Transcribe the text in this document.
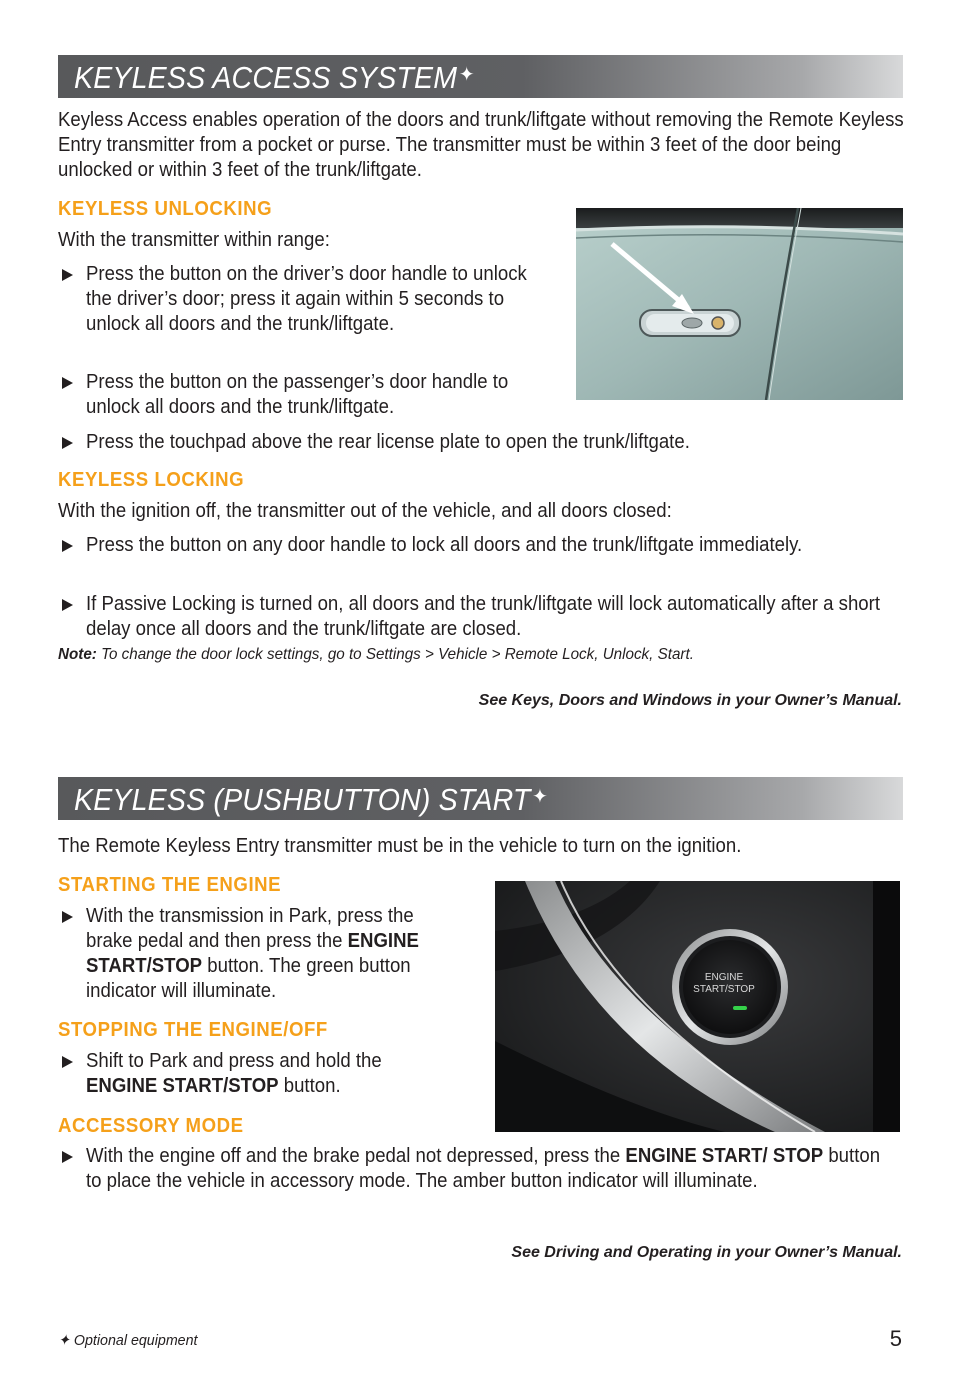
KEYLESS ACCESS SYSTEM✦
Keyless Access enables operation of the doors and trunk/liftgate without removing the Remote Keyless Entry transmitter from a pocket or purse. The transmitter must be within 3 feet of the door being unlocked or within 3 feet of the trunk/liftgate.
KEYLESS UNLOCKING
With the transmitter within range:
Press the button on the driver’s door handle to unlock the driver’s door; press it again within 5 seconds to unlock all doors and the trunk/liftgate.
Press the button on the passenger’s door handle to unlock all doors and the trunk/liftgate.
Press the touchpad above the rear license plate to open the trunk/liftgate.
KEYLESS LOCKING
With the ignition off, the transmitter out of the vehicle, and all doors closed:
Press the button on any door handle to lock all doors and the trunk/liftgate immediately.
If Passive Locking is turned on, all doors and the trunk/liftgate will lock automatically after a short delay once all doors and the trunk/liftgate are closed.
Note: To change the door lock settings, go to Settings > Vehicle > Remote Lock, Unlock, Start.
See Keys, Doors and Windows in your Owner’s Manual.
KEYLESS (PUSHBUTTON) START✦
The Remote Keyless Entry transmitter must be in the vehicle to turn on the ignition.
STARTING THE ENGINE
With the transmission in Park, press the brake pedal and then press the ENGINE START/STOP button. The green button indicator will illuminate.
STOPPING THE ENGINE/OFF
Shift to Park and press and hold the ENGINE START/STOP button.
ACCESSORY MODE
With the engine off and the brake pedal not depressed, press the ENGINE START/ STOP button to place the vehicle in accessory mode. The amber button indicator will illuminate.
ENGINE
START/STOP
See Driving and Operating in your Owner’s Manual.
✦ Optional equipment	5
